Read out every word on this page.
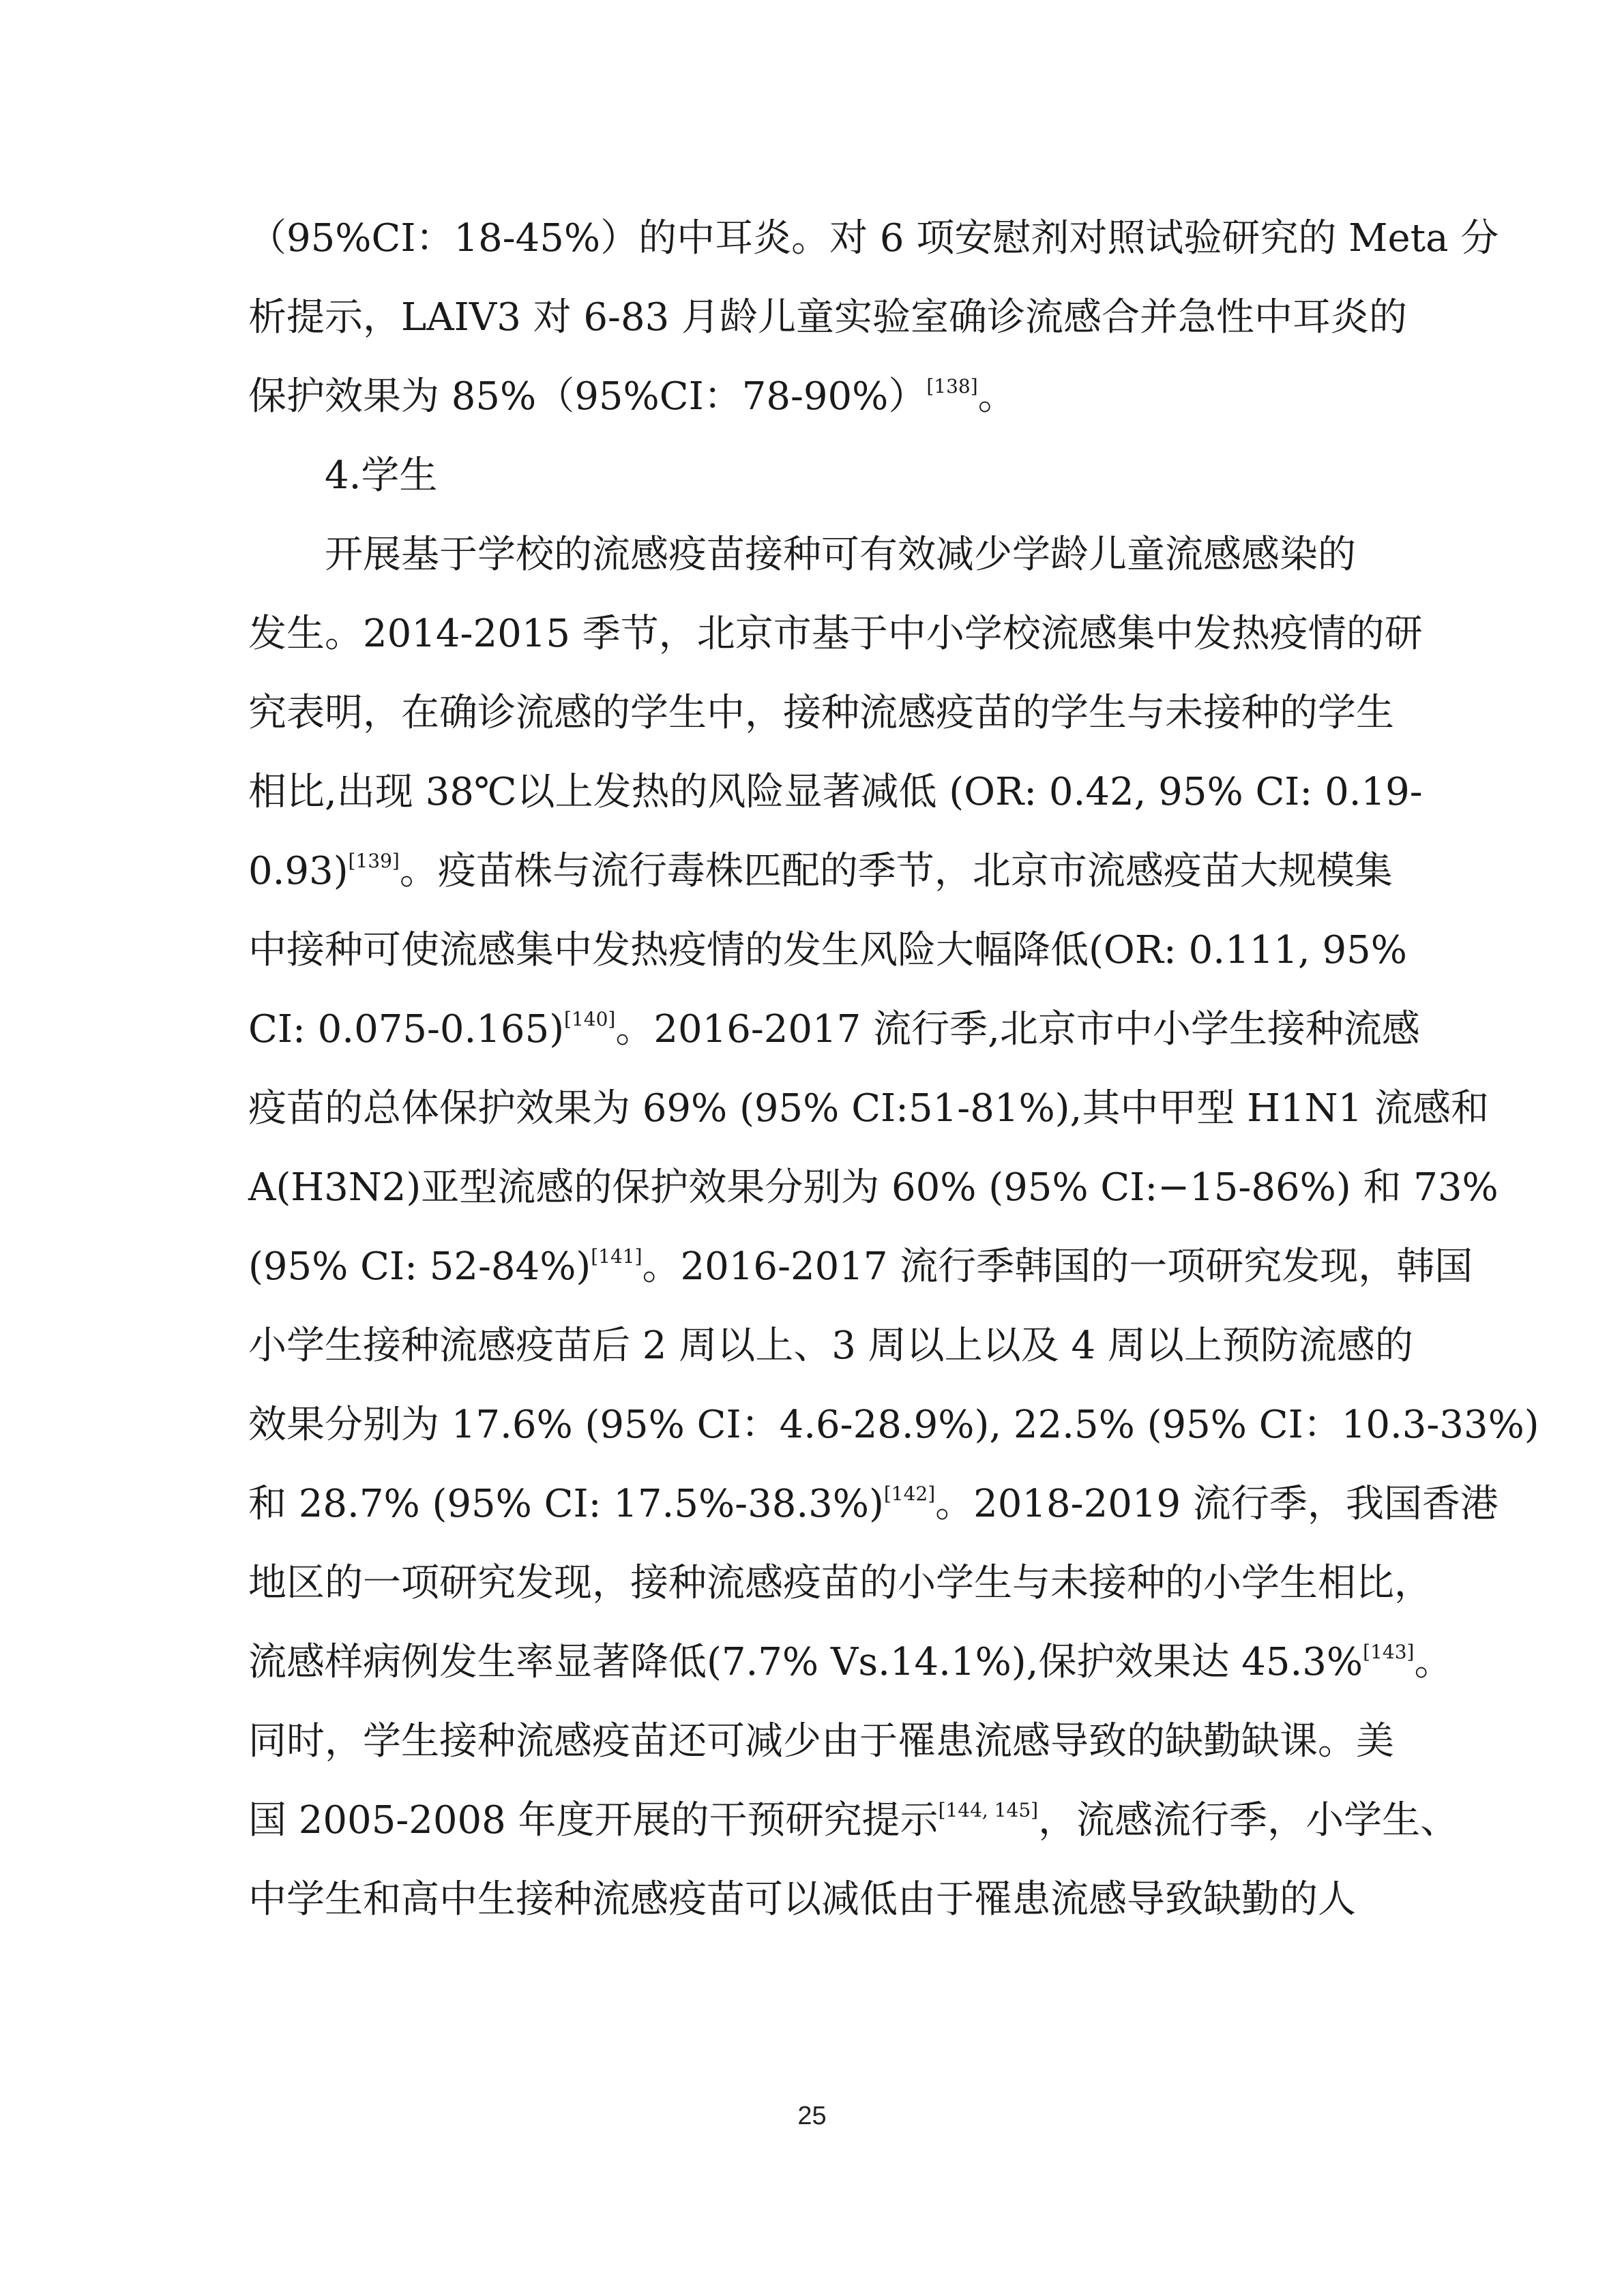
（95%CI：18-45%）的中耳炎。对 6 项安慰剂对照试验研究的 Meta 分
析提示，LAIV3 对 6-83 月龄儿童实验室确诊流感合并急性中耳炎的
保护效果为 85%（95%CI：78-90%）[138]。
4.学生
开展基于学校的流感疫苗接种可有效减少学龄儿童流感感染的
发生。2014-2015 季节，北京市基于中小学校流感集中发热疫情的研
究表明，在确诊流感的学生中，接种流感疫苗的学生与未接种的学生
相比,出现 38℃以上发热的风险显著减低 (OR: 0.42, 95% CI: 0.19-
0.93)[139]。疫苗株与流行毒株匹配的季节，北京市流感疫苗大规模集
中接种可使流感集中发热疫情的发生风险大幅降低(OR: 0.111, 95%
CI: 0.075-0.165)[140]。2016-2017 流行季,北京市中小学生接种流感
疫苗的总体保护效果为 69% (95% CI:51-81%),其中甲型 H1N1 流感和
A(H3N2)亚型流感的保护效果分别为 60% (95% CI:−15-86%) 和 73%
(95% CI: 52-84%)[141]。2016-2017 流行季韩国的一项研究发现，韩国
小学生接种流感疫苗后 2 周以上、3 周以上以及 4 周以上预防流感的
效果分别为 17.6% (95% CI：4.6-28.9%), 22.5% (95% CI：10.3-33%)
和 28.7% (95% CI: 17.5%-38.3%)[142]。2018-2019 流行季，我国香港
地区的一项研究发现，接种流感疫苗的小学生与未接种的小学生相比，
流感样病例发生率显著降低(7.7% Vs.14.1%),保护效果达 45.3%[143]。
同时，学生接种流感疫苗还可减少由于罹患流感导致的缺勤缺课。美
国 2005-2008 年度开展的干预研究提示[144, 145]，流感流行季，小学生、
中学生和高中生接种流感疫苗可以减低由于罹患流感导致缺勤的人
25
